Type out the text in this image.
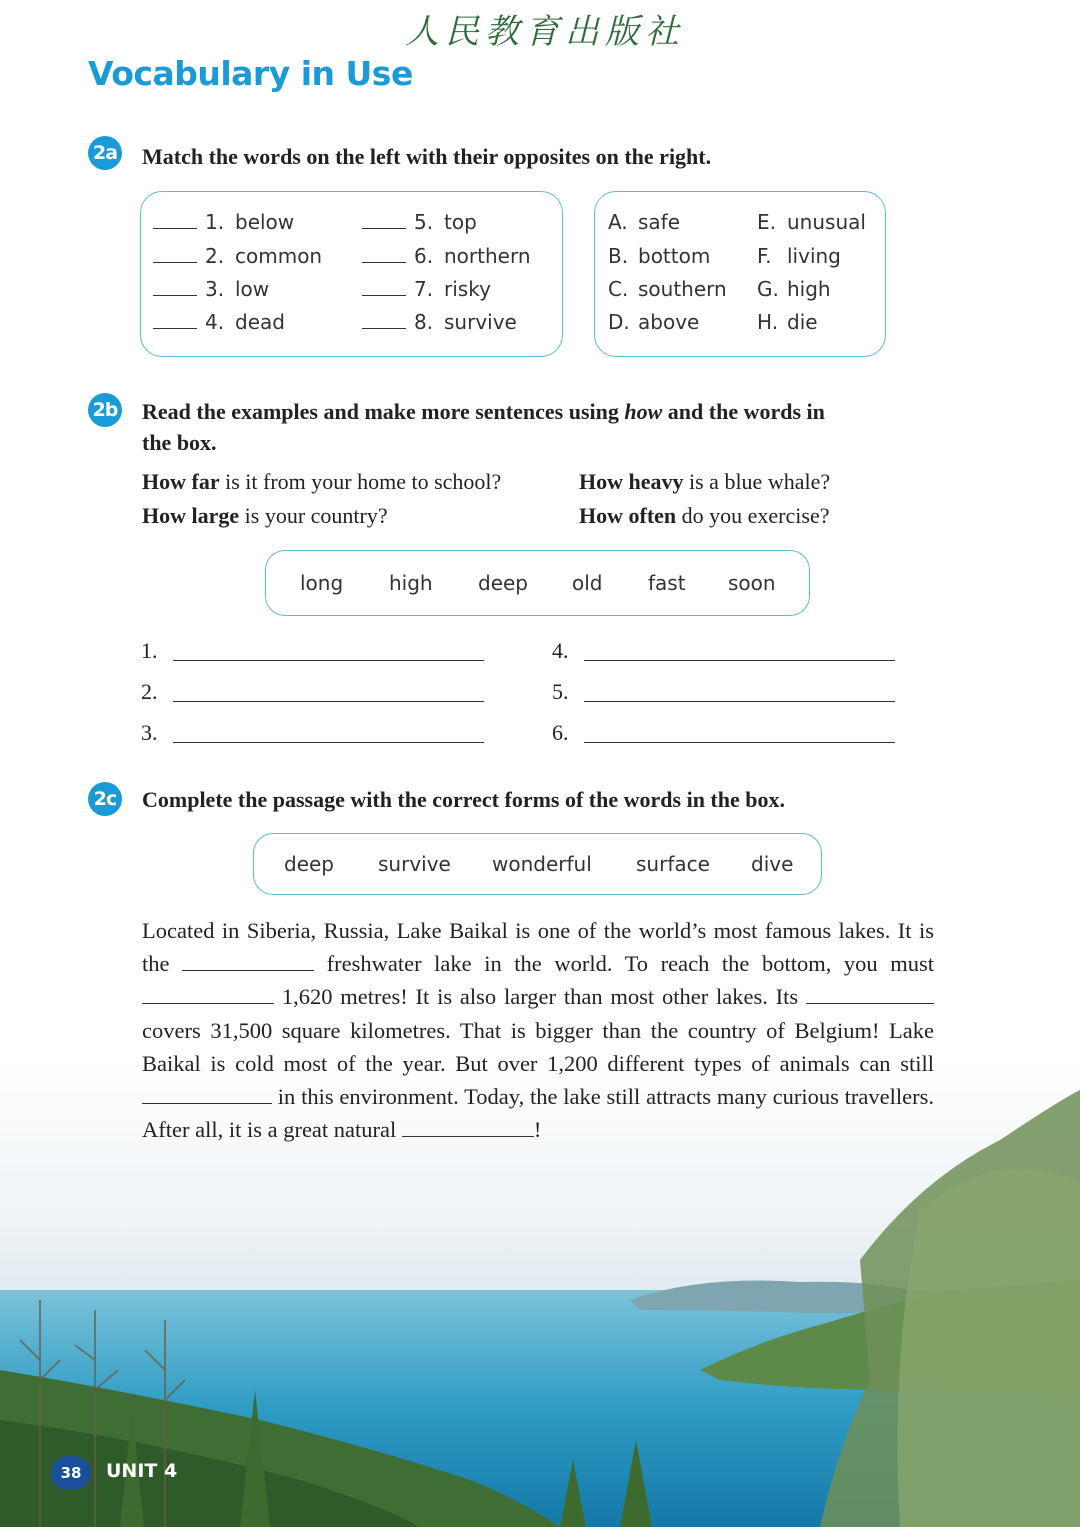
人民教育出版社
Vocabulary in Use
2a Match the words on the left with their opposites on the right.
1. below
2. common
3. low
4. dead
5. top
6. northern
7. risky
8. survive
A. safe
B. bottom
C. southern
D. above
E. unusual
F. living
G. high
H. die
2b Read the examples and make more sentences using how and the words in
the box.
How far is it from your home to school?	How heavy is a blue whale?
How large is your country?	How often do you exercise?
long high deep old fast soon
1.
2.
3.
4.
5.
6.
2c Complete the passage with the correct forms of the words in the box.
deep survive wonderful surface dive
Located in Siberia, Russia, Lake Baikal is one of the world’s most famous lakes. It is the	freshwater lake in the world. To reach the bottom, you must  1,620 metres! It is also larger than most other lakes. Its  covers 31,500 square kilometres. That is bigger than the country of Belgium! Lake Baikal is cold most of the year. But over 1,200 different types of animals can still  in this environment. Today, the lake still attracts many curious travellers. After all, it is a great natural	!
38	UNIT 4
